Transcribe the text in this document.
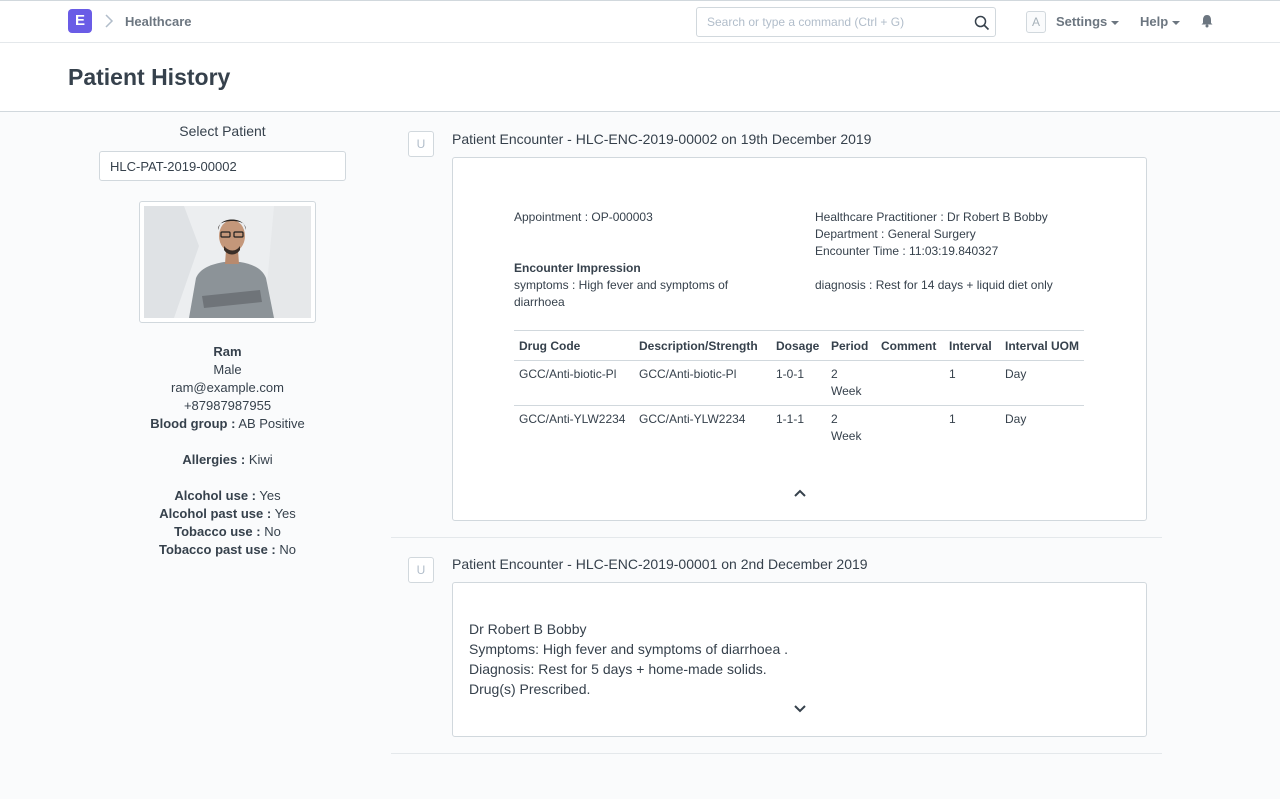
E	Healthcare
Search or type a command (Ctrl + G)	A	Settings	Help
Patient History
Select Patient
HLC-PAT-2019-00002
Ram
Male
ram@example.com
+87987987955
Blood group : AB Positive
Allergies : Kiwi
Alcohol use : Yes
Alcohol past use : Yes
Tobacco use : No
Tobacco past use : No
U	Patient Encounter - HLC-ENC-2019-00002 on 19th December 2019
Appointment : OP-000003	Healthcare Practitioner : Dr Robert B Bobby
Department : General Surgery
Encounter Time : 11:03:19.840327
Encounter Impression
symptoms : High fever and symptoms of diarrhoea
diagnosis : Rest for 14 days + liquid diet only
Drug Code	Description/Strength	Dosage	Period	Comment	Interval	Interval UOM
GCC/Anti-biotic-Pl	GCC/Anti-biotic-Pl	1-0-1	2 Week		1	Day
GCC/Anti-YLW2234	GCC/Anti-YLW2234	1-1-1	2 Week		1	Day
U	Patient Encounter - HLC-ENC-2019-00001 on 2nd December 2019
Dr Robert B Bobby
Symptoms: High fever and symptoms of diarrhoea .
Diagnosis: Rest for 5 days + home-made solids.
Drug(s) Prescribed.
